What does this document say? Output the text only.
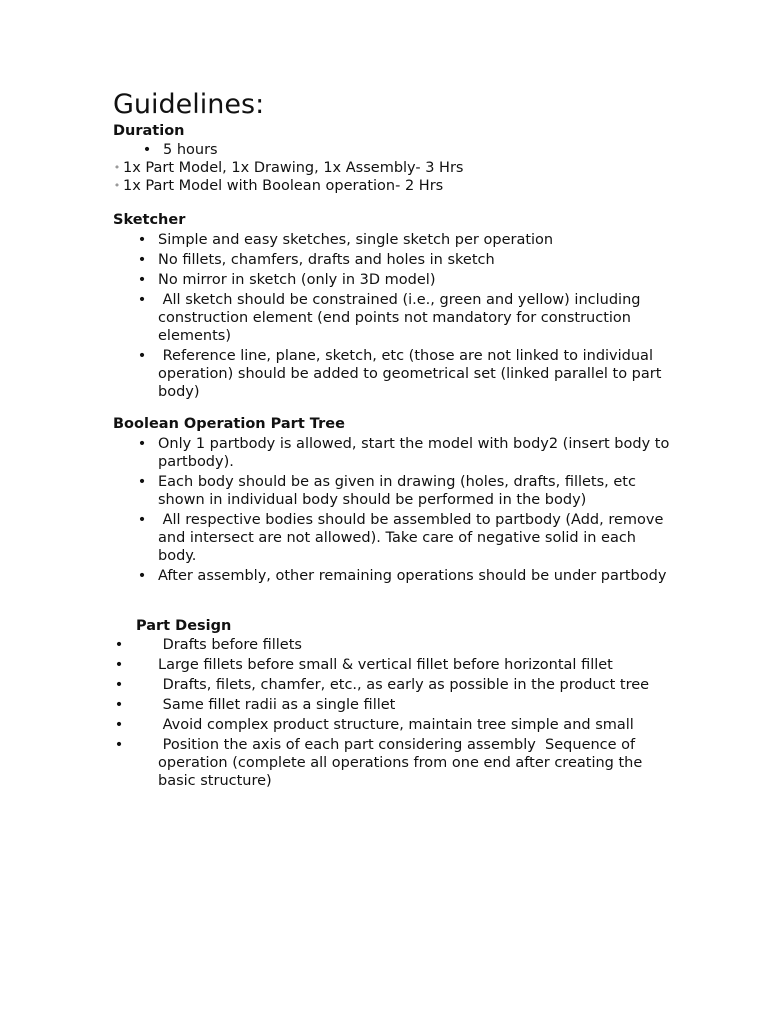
Guidelines:
Duration
• 5 hours
• 1x Part Model, 1x Drawing, 1x Assembly- 3 Hrs
• 1x Part Model with Boolean operation- 2 Hrs
Sketcher
• Simple and easy sketches, single sketch per operation
• No fillets, chamfers, drafts and holes in sketch
• No mirror in sketch (only in 3D model)
• All sketch should be constrained (i.e., green and yellow) including construction element (end points not mandatory for construction elements)
• Reference line, plane, sketch, etc (those are not linked to individual operation) should be added to geometrical set (linked parallel to part body)
Boolean Operation Part Tree
• Only 1 partbody is allowed, start the model with body2 (insert body to partbody).
• Each body should be as given in drawing (holes, drafts, fillets, etc shown in individual body should be performed in the body)
• All respective bodies should be assembled to partbody (Add, remove and intersect are not allowed). Take care of negative solid in each body.
• After assembly, other remaining operations should be under partbody
Part Design
• Drafts before fillets
• Large fillets before small & vertical fillet before horizontal fillet
• Drafts, filets, chamfer, etc., as early as possible in the product tree
• Same fillet radii as a single fillet
• Avoid complex product structure, maintain tree simple and small
• Position the axis of each part considering assembly  Sequence of operation (complete all operations from one end after creating the basic structure)
